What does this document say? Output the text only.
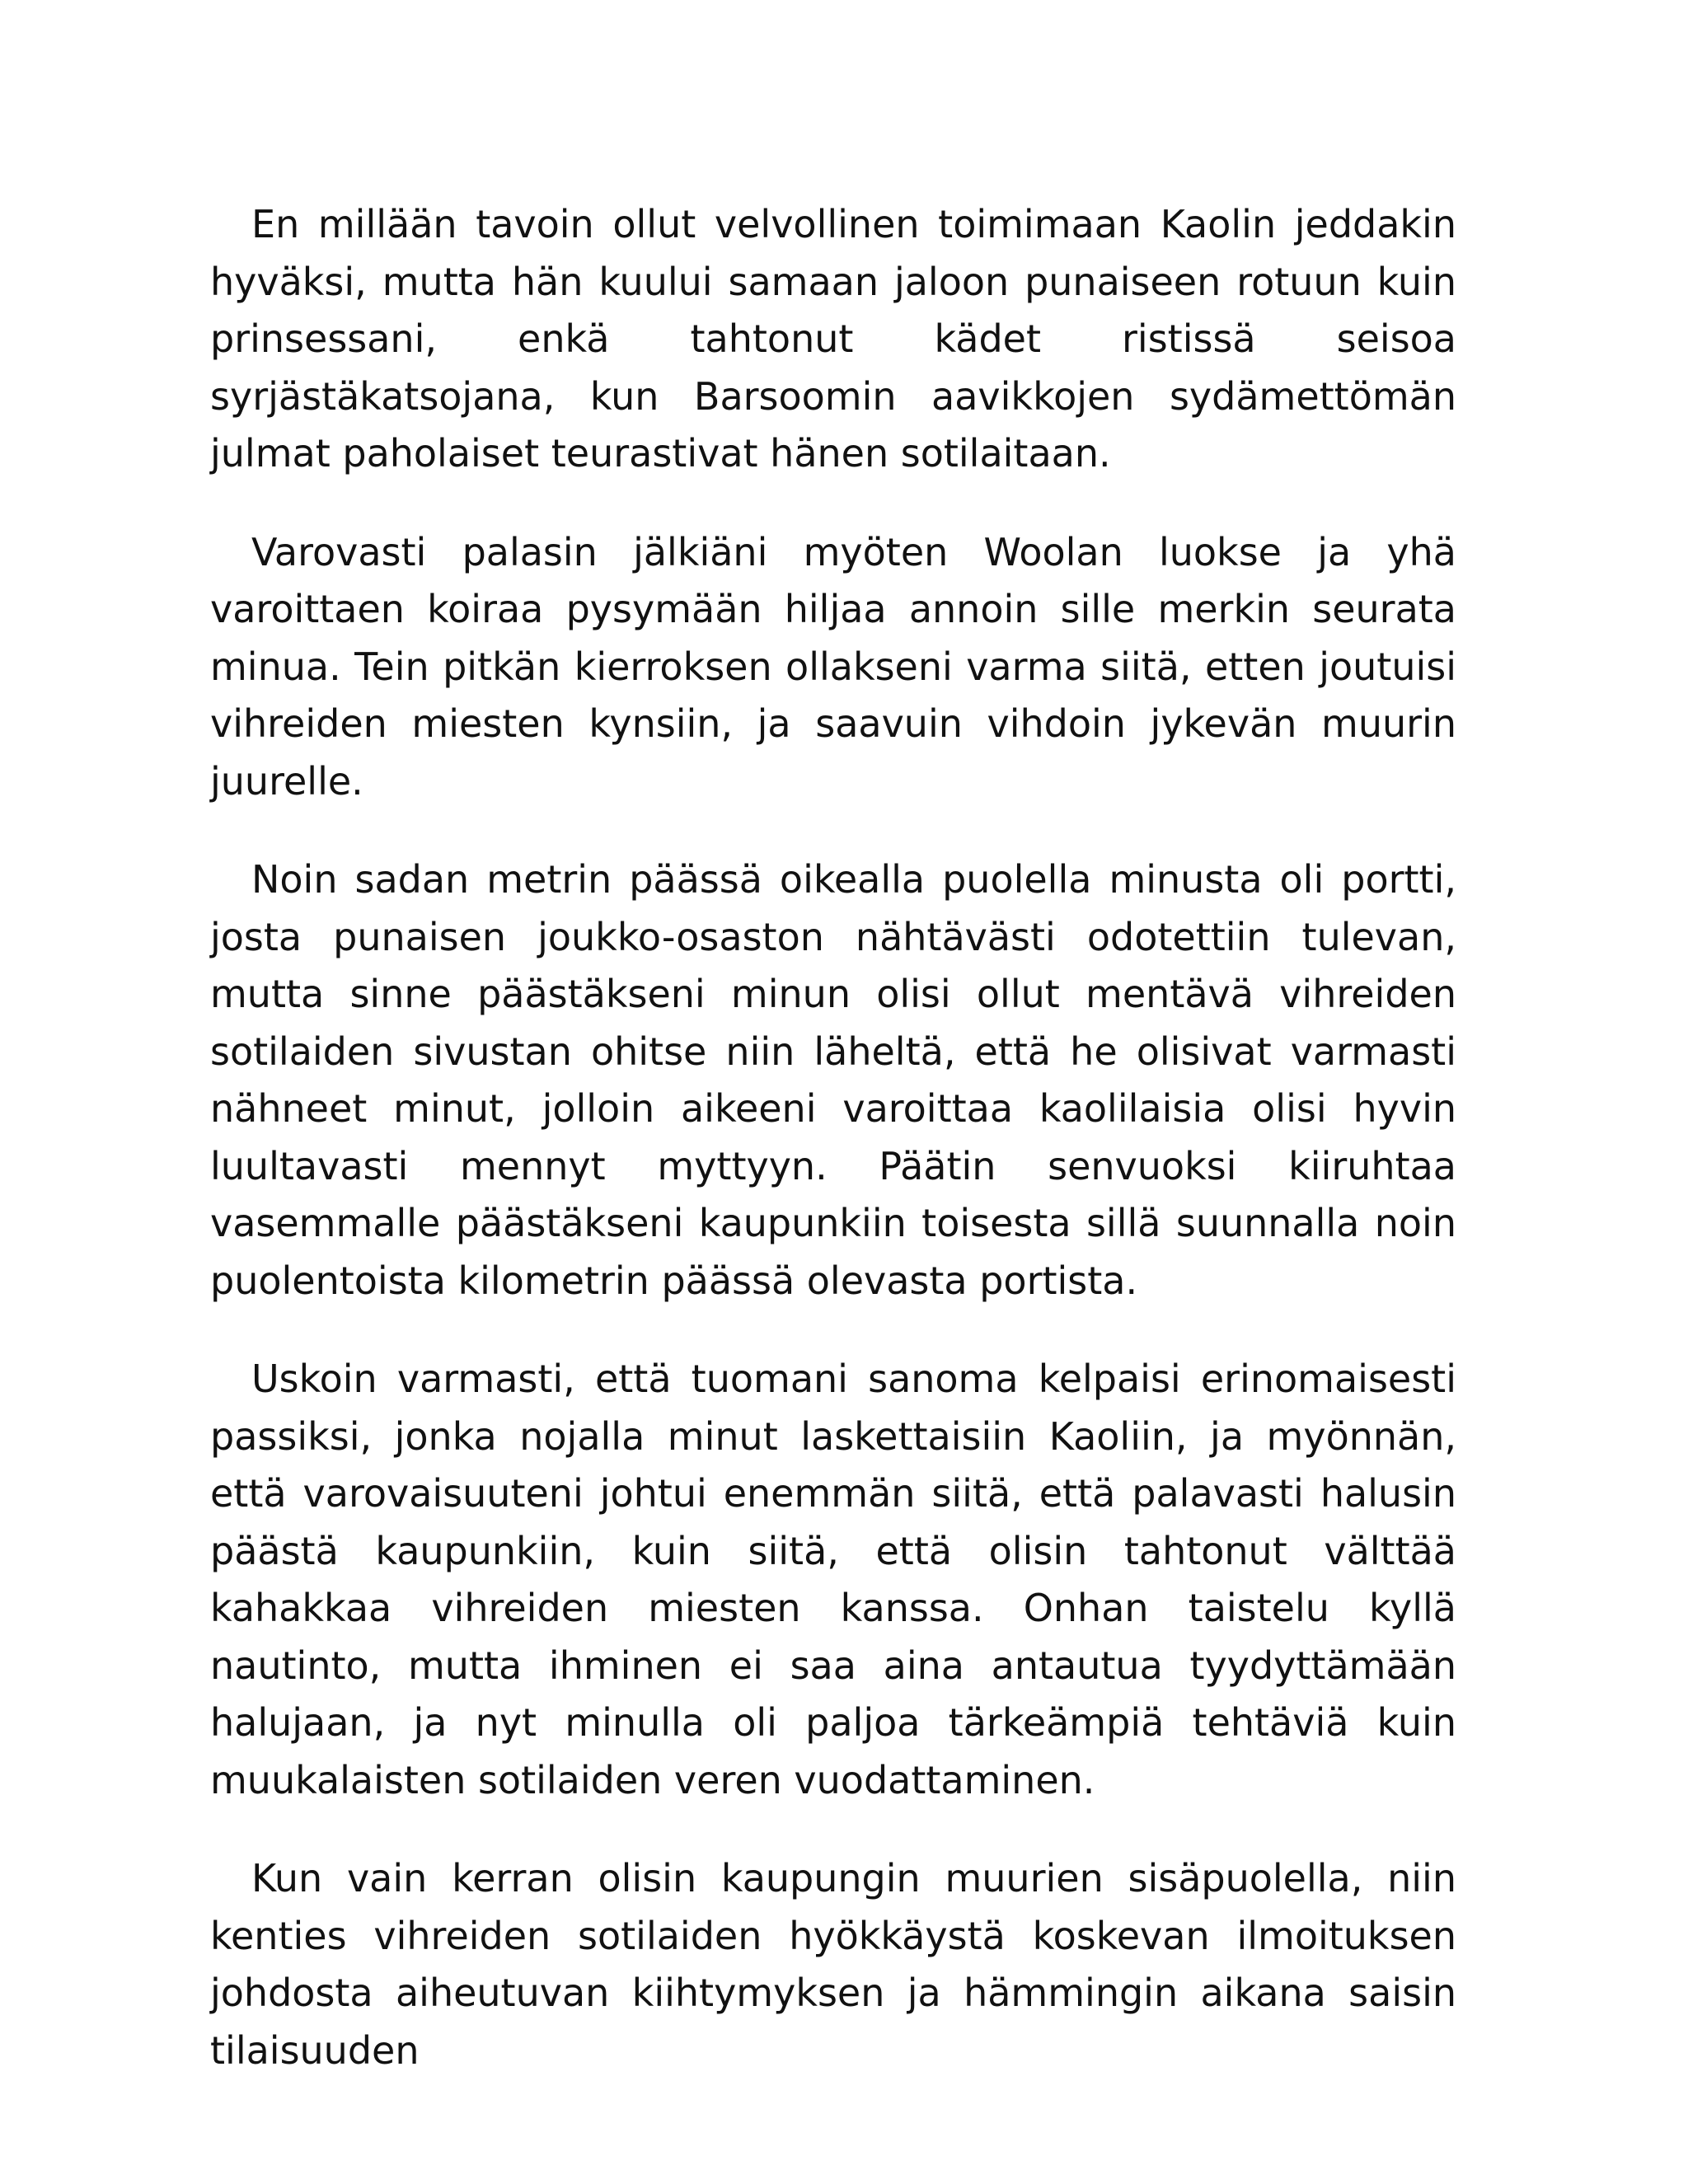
En millään tavoin ollut velvollinen toimimaan Kaolin jeddakin hyväksi, mutta hän kuului samaan jaloon punaiseen rotuun kuin prinsessani, enkä tahtonut kädet ristissä seisoa syrjästäkatsojana, kun Barsoomin aavikkojen sydämettömän julmat paholaiset teurastivat hänen sotilaitaan.

Varovasti palasin jälkiäni myöten Woolan luokse ja yhä varoittaen koiraa pysymään hiljaa annoin sille merkin seurata minua. Tein pitkän kierroksen ollakseni varma siitä, etten joutuisi vihreiden miesten kynsiin, ja saavuin vihdoin jykevän muurin juurelle.

Noin sadan metrin päässä oikealla puolella minusta oli portti, josta punaisen joukko-osaston nähtävästi odotettiin tulevan, mutta sinne päästäkseni minun olisi ollut mentävä vihreiden sotilaiden sivustan ohitse niin läheltä, että he olisivat varmasti nähneet minut, jolloin aikeeni varoittaa kaolilaisia olisi hyvin luultavasti mennyt myttyyn. Päätin senvuoksi kiiruhtaa vasemmalle päästäkseni kaupunkiin toisesta sillä suunnalla noin puolentoista kilometrin päässä olevasta portista.

Uskoin varmasti, että tuomani sanoma kelpaisi erinomaisesti passiksi, jonka nojalla minut laskettaisiin Kaoliin, ja myönnän, että varovaisuuteni johtui enemmän siitä, että palavasti halusin päästä kaupunkiin, kuin siitä, että olisin tahtonut välttää kahakkaa vihreiden miesten kanssa. Onhan taistelu kyllä nautinto, mutta ihminen ei saa aina antautua tyydyttämään halujaan, ja nyt minulla oli paljoa tärkeämpiä tehtäviä kuin muukalaisten sotilaiden veren vuodattaminen.

Kun vain kerran olisin kaupungin muurien sisäpuolella, niin kenties vihreiden sotilaiden hyökkäystä koskevan ilmoituksen johdosta aiheutuvan kiihtymyksen ja hämmingin aikana saisin tilaisuuden
